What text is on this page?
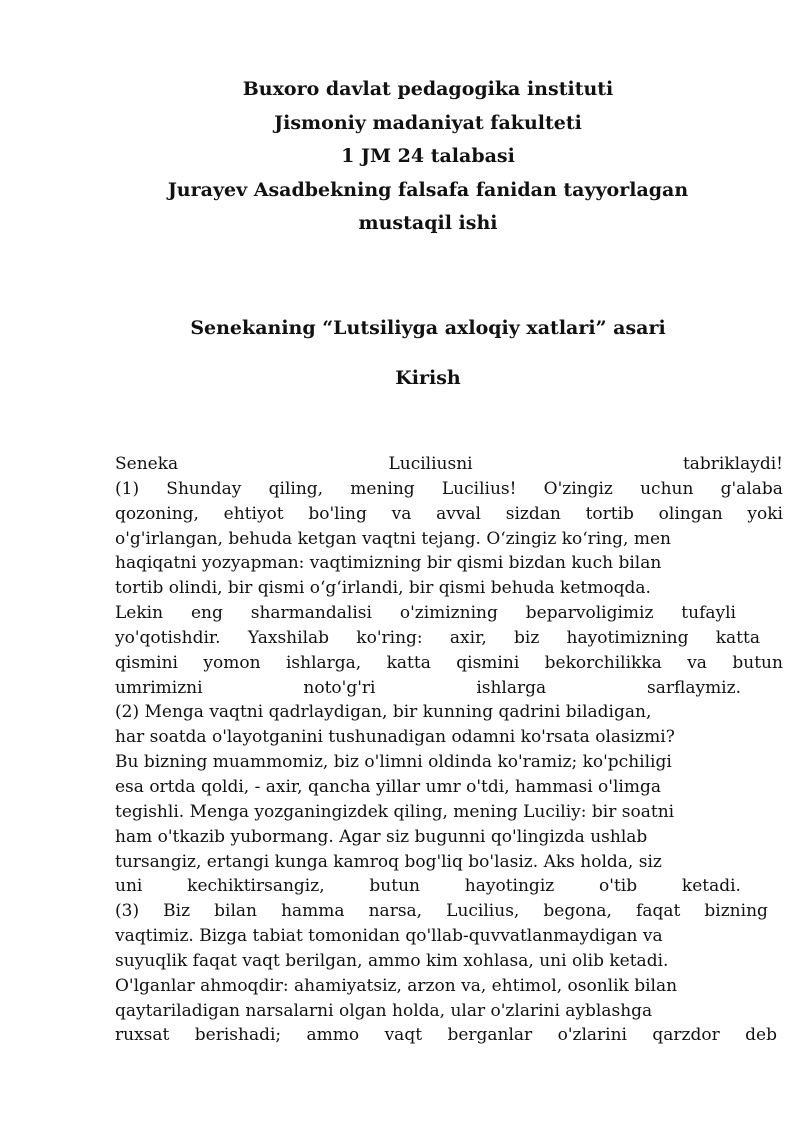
Buxoro davlat pedagogika instituti
Jismoniy madaniyat fakulteti
1 JM 24 talabasi
Jurayev Asadbekning falsafa fanidan tayyorlagan
mustaqil ishi
Senekaning “Lutsiliyga axloqiy xatlari” asari
Kirish
Seneka	Luciliusni	tabriklaydi!
(1) Shunday qiling, mening Lucilius! O'zingiz uchun g'alaba
qozoning, ehtiyot bo'ling va avval sizdan tortib olingan yoki
o'g'irlangan, behuda ketgan vaqtni tejang. O‘zingiz ko‘ring, men
haqiqatni yozyapman: vaqtimizning bir qismi bizdan kuch bilan
tortib olindi, bir qismi o‘g‘irlandi, bir qismi behuda ketmoqda.
Lekin eng sharmandalisi o'zimizning beparvoligimiz tufayli
yo'qotishdir. Yaxshilab ko'ring: axir, biz hayotimizning katta
qismini yomon ishlarga, katta qismini bekorchilikka va butun
umrimizni	noto'g'ri	ishlarga	sarflaymiz.
(2) Menga vaqtni qadrlaydigan, bir kunning qadrini biladigan,
har soatda o'layotganini tushunadigan odamni ko'rsata olasizmi?
Bu bizning muammomiz, biz o'limni oldinda ko'ramiz; ko'pchiligi
esa ortda qoldi, - axir, qancha yillar umr o'tdi, hammasi o'limga
tegishli. Menga yozganingizdek qiling, mening Luciliy: bir soatni
ham o'tkazib yubormang. Agar siz bugunni qo'lingizda ushlab
tursangiz, ertangi kunga kamroq bog'liq bo'lasiz. Aks holda, siz
uni	kechiktirsangiz,	butun	hayotingiz	o'tib	ketadi.
(3) Biz bilan hamma narsa, Lucilius, begona, faqat bizning
vaqtimiz. Bizga tabiat tomonidan qo'llab-quvvatlanmaydigan va
suyuqlik faqat vaqt berilgan, ammo kim xohlasa, uni olib ketadi.
O'lganlar ahmoqdir: ahamiyatsiz, arzon va, ehtimol, osonlik bilan
qaytariladigan narsalarni olgan holda, ular o'zlarini ayblashga
ruxsat berishadi; ammo vaqt berganlar o'zlarini qarzdor deb
